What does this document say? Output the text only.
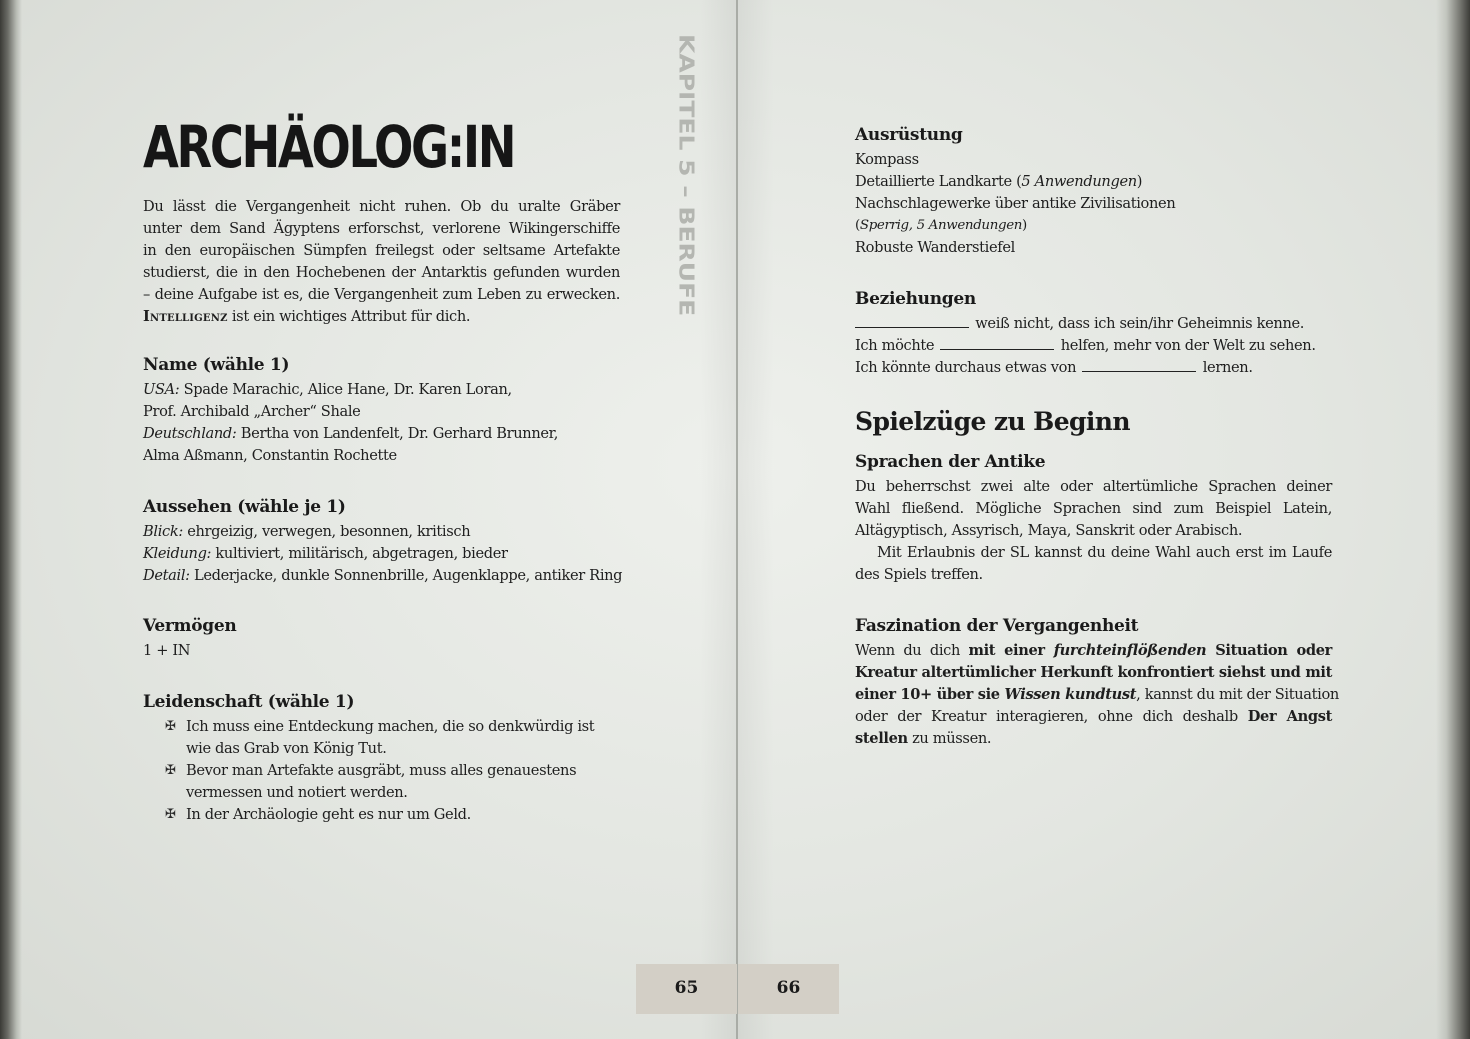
KAPITEL 5 – BERUFE
ARCHÄOLOG:IN

Du lässt die Vergangenheit nicht ruhen. Ob du uralte Gräber
unter dem Sand Ägyptens erforschst, verlorene Wikingerschiffe
in den europäischen Sümpfen freilegst oder seltsame Artefakte
studierst, die in den Hochebenen der Antarktis gefunden wurden
– deine Aufgabe ist es, die Vergangenheit zum Leben zu erwecken.
Intelligenz ist ein wichtiges Attribut für dich.

Name (wähle 1)

USA: Spade Marachic, Alice Hane, Dr. Karen Loran,
Prof. Archibald „Archer“ Shale
Deutschland: Bertha von Landenfelt, Dr. Gerhard Brunner,
Alma Aßmann, Constantin Rochette

Aussehen (wähle je 1)

Blick: ehrgeizig, verwegen, besonnen, kritisch
Kleidung: kultiviert, militärisch, abgetragen, bieder
Detail: Lederjacke, dunkle Sonnenbrille, Augenklappe, antiker Ring

Vermögen

1 + IN

Leidenschaft (wähle 1)
✠ Ich muss eine Entdeckung machen, die so denkwürdig ist
wie das Grab von König Tut.
✠ Bevor man Artefakte ausgräbt, muss alles genauestens
vermessen und notiert werden.
✠ In der Archäologie geht es nur um Geld.
65
Ausrüstung

Kompass
Detaillierte Landkarte (5 Anwendungen)
Nachschlagewerke über antike Zivilisationen
(Sperrig, 5 Anwendungen)
Robuste Wanderstiefel

Beziehungen

weiß nicht, dass ich sein/ihr Geheimnis kenne.
Ich möchte	helfen, mehr von der Welt zu sehen.
Ich könnte durchaus etwas von	lernen.

Spielzüge zu Beginn
Sprachen der Antike

Du beherrschst zwei alte oder altertümliche Sprachen deiner
Wahl fließend. Mögliche Sprachen sind zum Beispiel Latein,
Altägyptisch, Assyrisch, Maya, Sanskrit oder Arabisch.
Mit Erlaubnis der SL kannst du deine Wahl auch erst im Laufe
des Spiels treffen.

Faszination der Vergangenheit

Wenn du dich mit einer furchteinflößenden Situation oder
Kreatur altertümlicher Herkunft konfrontiert siehst und mit
einer 10+ über sie Wissen kundtust, kannst du mit der Situation
oder der Kreatur interagieren, ohne dich deshalb Der Angst
stellen zu müssen.

66
